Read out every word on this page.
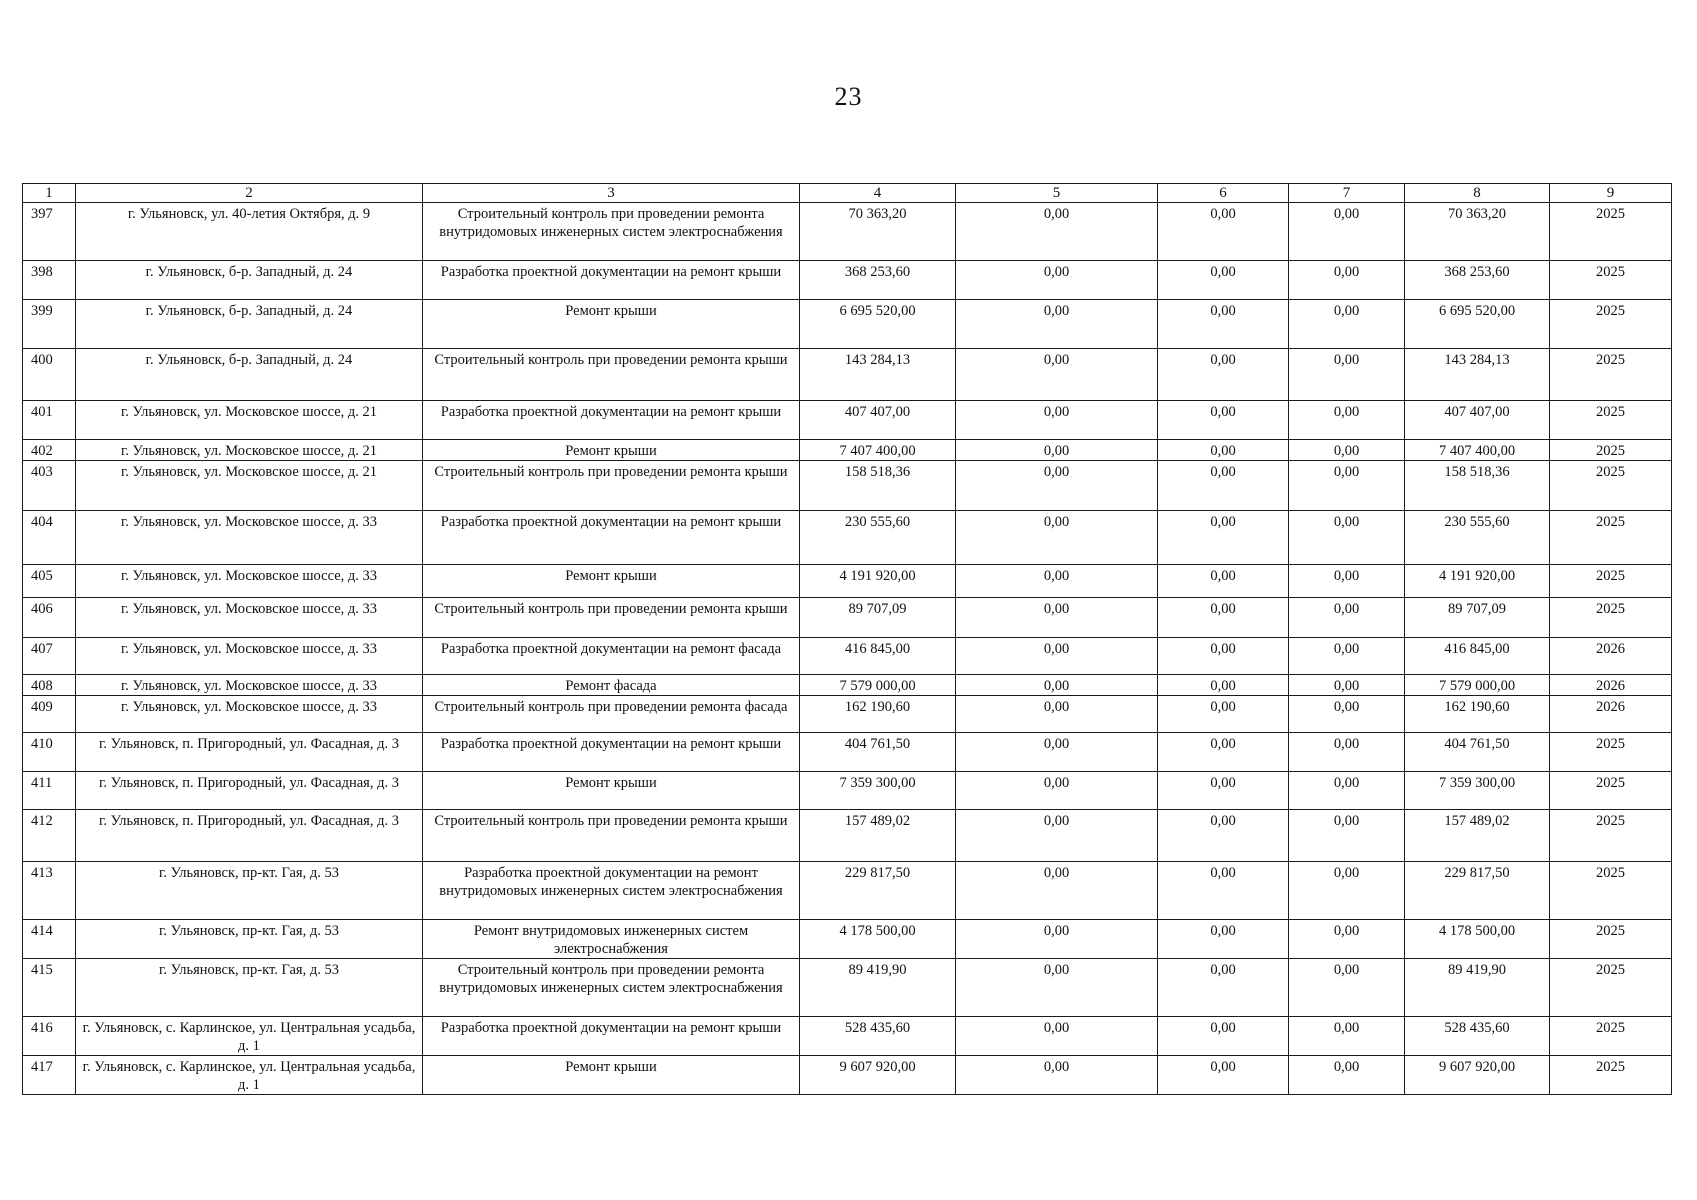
23
1	2	3	4	5	6	7	8	9
397	г. Ульяновск, ул. 40-летия Октября, д. 9	Строительный контроль при проведении ремонта внутридомовых инженерных систем электроснабжения	70 363,20	0,00	0,00	0,00	70 363,20	2025
398	г. Ульяновск, б-р. Западный, д. 24	Разработка проектной документации на ремонт крыши	368 253,60	0,00	0,00	0,00	368 253,60	2025
399	г. Ульяновск, б-р. Западный, д. 24	Ремонт крыши	6 695 520,00	0,00	0,00	0,00	6 695 520,00	2025
400	г. Ульяновск, б-р. Западный, д. 24	Строительный контроль при проведении ремонта крыши	143 284,13	0,00	0,00	0,00	143 284,13	2025
401	г. Ульяновск, ул. Московское шоссе, д. 21	Разработка проектной документации на ремонт крыши	407 407,00	0,00	0,00	0,00	407 407,00	2025
402	г. Ульяновск, ул. Московское шоссе, д. 21	Ремонт крыши	7 407 400,00	0,00	0,00	0,00	7 407 400,00	2025
403	г. Ульяновск, ул. Московское шоссе, д. 21	Строительный контроль при проведении ремонта крыши	158 518,36	0,00	0,00	0,00	158 518,36	2025
404	г. Ульяновск, ул. Московское шоссе, д. 33	Разработка проектной документации на ремонт крыши	230 555,60	0,00	0,00	0,00	230 555,60	2025
405	г. Ульяновск, ул. Московское шоссе, д. 33	Ремонт крыши	4 191 920,00	0,00	0,00	0,00	4 191 920,00	2025
406	г. Ульяновск, ул. Московское шоссе, д. 33	Строительный контроль при проведении ремонта крыши	89 707,09	0,00	0,00	0,00	89 707,09	2025
407	г. Ульяновск, ул. Московское шоссе, д. 33	Разработка проектной документации на ремонт фасада	416 845,00	0,00	0,00	0,00	416 845,00	2026
408	г. Ульяновск, ул. Московское шоссе, д. 33	Ремонт фасада	7 579 000,00	0,00	0,00	0,00	7 579 000,00	2026
409	г. Ульяновск, ул. Московское шоссе, д. 33	Строительный контроль при проведении ремонта фасада	162 190,60	0,00	0,00	0,00	162 190,60	2026
410	г. Ульяновск, п. Пригородный, ул. Фасадная, д. 3	Разработка проектной документации на ремонт крыши	404 761,50	0,00	0,00	0,00	404 761,50	2025
411	г. Ульяновск, п. Пригородный, ул. Фасадная, д. 3	Ремонт крыши	7 359 300,00	0,00	0,00	0,00	7 359 300,00	2025
412	г. Ульяновск, п. Пригородный, ул. Фасадная, д. 3	Строительный контроль при проведении ремонта крыши	157 489,02	0,00	0,00	0,00	157 489,02	2025
413	г. Ульяновск, пр-кт. Гая, д. 53	Разработка проектной документации на ремонт внутридомовых инженерных систем электроснабжения	229 817,50	0,00	0,00	0,00	229 817,50	2025
414	г. Ульяновск, пр-кт. Гая, д. 53	Ремонт внутридомовых инженерных систем электроснабжения	4 178 500,00	0,00	0,00	0,00	4 178 500,00	2025
415	г. Ульяновск, пр-кт. Гая, д. 53	Строительный контроль при проведении ремонта внутридомовых инженерных систем электроснабжения	89 419,90	0,00	0,00	0,00	89 419,90	2025
416	г. Ульяновск, с. Карлинское, ул. Центральная усадьба, д. 1	Разработка проектной документации на ремонт крыши	528 435,60	0,00	0,00	0,00	528 435,60	2025
417	г. Ульяновск, с. Карлинское, ул. Центральная усадьба, д. 1	Ремонт крыши	9 607 920,00	0,00	0,00	0,00	9 607 920,00	2025
